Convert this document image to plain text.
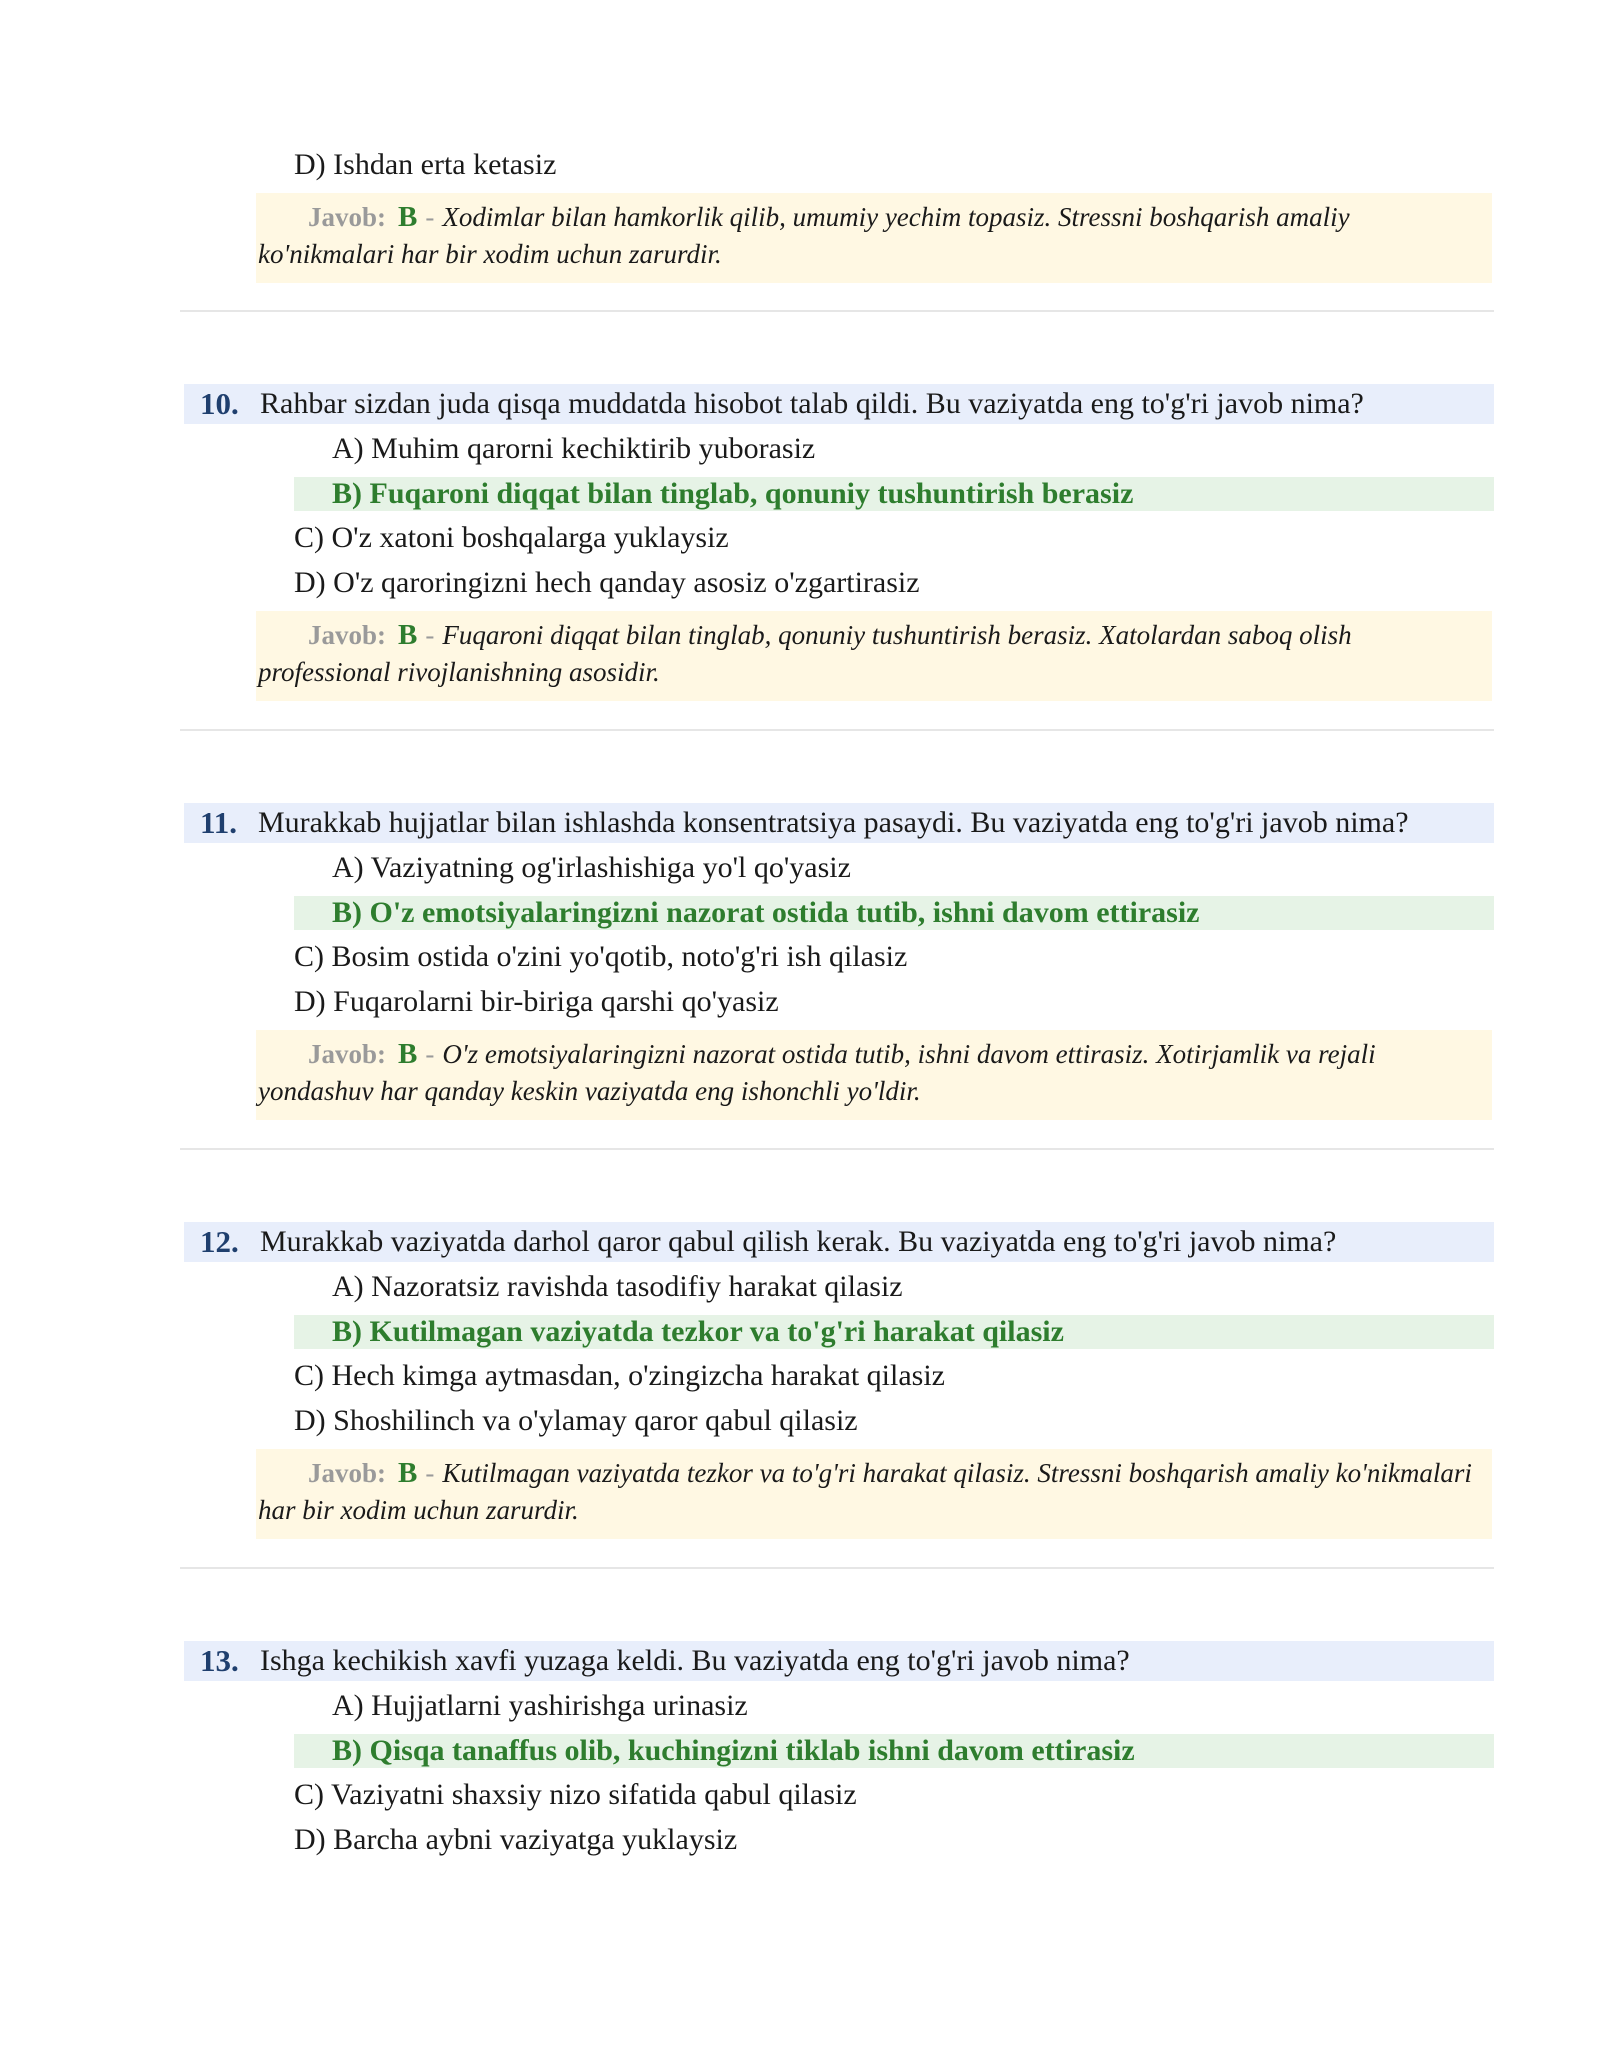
D) Ishdan erta ketasiz
Javob: B - Xodimlar bilan hamkorlik qilib, umumiy yechim topasiz. Stressni boshqarish amaliy ko'nikmalari har bir xodim uchun zarurdir.
10. Rahbar sizdan juda qisqa muddatda hisobot talab qildi. Bu vaziyatda eng to'g'ri javob nima?
A) Muhim qarorni kechiktirib yuborasiz
B) Fuqaroni diqqat bilan tinglab, qonuniy tushuntirish berasiz
C) O'z xatoni boshqalarga yuklaysiz
D) O'z qaroringizni hech qanday asosiz o'zgartirasiz
Javob: B - Fuqaroni diqqat bilan tinglab, qonuniy tushuntirish berasiz. Xatolardan saboq olish professional rivojlanishning asosidir.
11. Murakkab hujjatlar bilan ishlashda konsentratsiya pasaydi. Bu vaziyatda eng to'g'ri javob nima?
A) Vaziyatning og'irlashishiga yo'l qo'yasiz
B) O'z emotsiyalaringizni nazorat ostida tutib, ishni davom ettirasiz
C) Bosim ostida o'zini yo'qotib, noto'g'ri ish qilasiz
D) Fuqarolarni bir-biriga qarshi qo'yasiz
Javob: B - O'z emotsiyalaringizni nazorat ostida tutib, ishni davom ettirasiz. Xotirjamlik va rejali yondashuv har qanday keskin vaziyatda eng ishonchli yo'ldir.
12. Murakkab vaziyatda darhol qaror qabul qilish kerak. Bu vaziyatda eng to'g'ri javob nima?
A) Nazoratsiz ravishda tasodifiy harakat qilasiz
B) Kutilmagan vaziyatda tezkor va to'g'ri harakat qilasiz
C) Hech kimga aytmasdan, o'zingizcha harakat qilasiz
D) Shoshilinch va o'ylamay qaror qabul qilasiz
Javob: B - Kutilmagan vaziyatda tezkor va to'g'ri harakat qilasiz. Stressni boshqarish amaliy ko'nikmalari har bir xodim uchun zarurdir.
13. Ishga kechikish xavfi yuzaga keldi. Bu vaziyatda eng to'g'ri javob nima?
A) Hujjatlarni yashirishga urinasiz
B) Qisqa tanaffus olib, kuchingizni tiklab ishni davom ettirasiz
C) Vaziyatni shaxsiy nizo sifatida qabul qilasiz
D) Barcha aybni vaziyatga yuklaysiz
